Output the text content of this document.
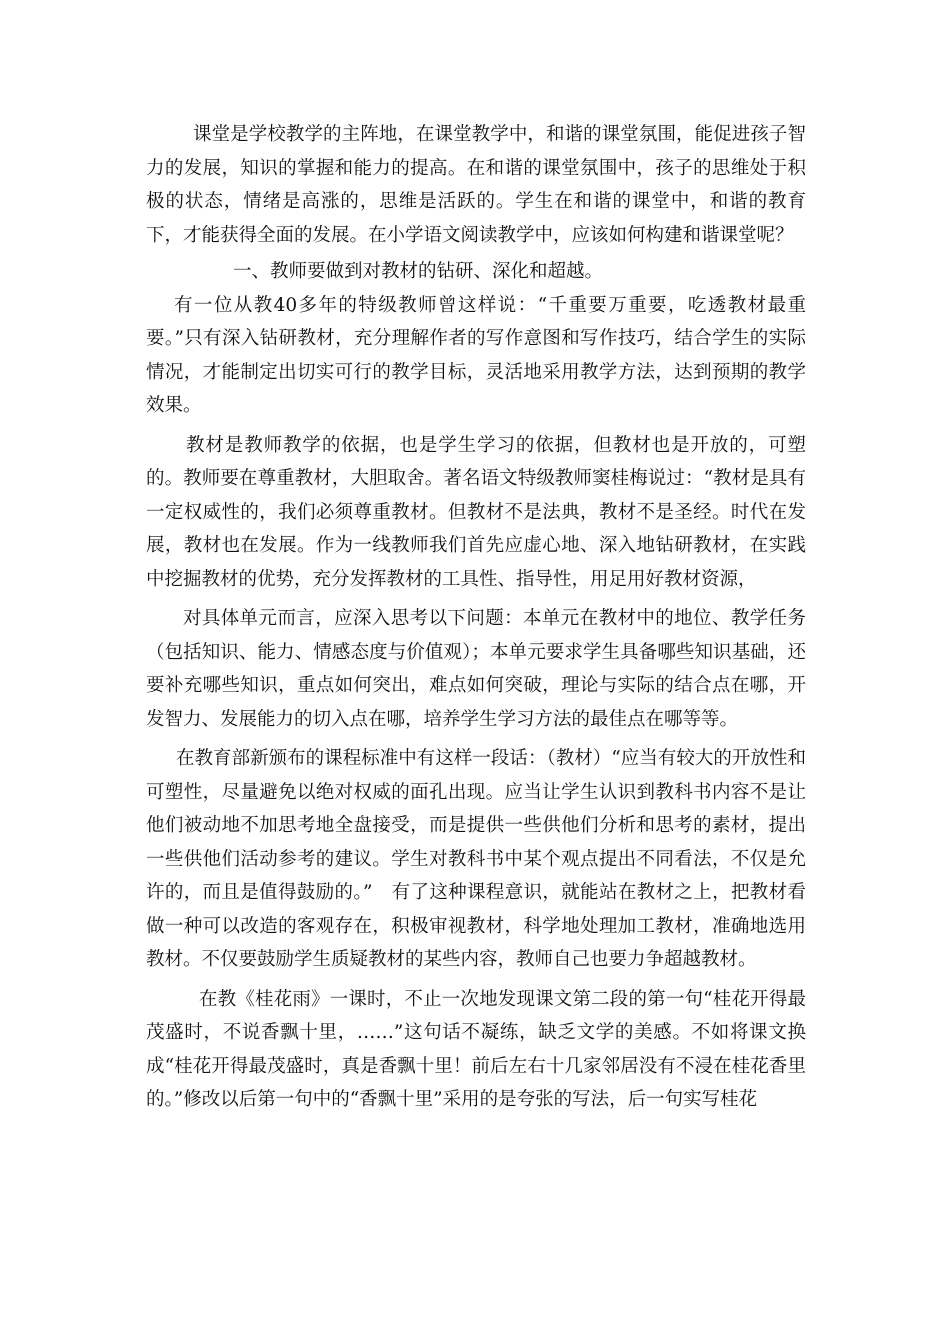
课堂是学校教学的主阵地，在课堂教学中，和谐的课堂氛围，能促进孩子智力的发展，知识的掌握和能力的提高。在和谐的课堂氛围中，孩子的思维处于积极的状态，情绪是高涨的，思维是活跃的。学生在和谐的课堂中，和谐的教育下，才能获得全面的发展。在小学语文阅读教学中，应该如何构建和谐课堂呢？

一、教师要做到对教材的钻研、深化和超越。

有一位从教40多年的特级教师曾这样说：“千重要万重要，吃透教材最重要。”只有深入钻研教材，充分理解作者的写作意图和写作技巧，结合学生的实际情况，才能制定出切实可行的教学目标，灵活地采用教学方法，达到预期的教学效果。

教材是教师教学的依据，也是学生学习的依据，但教材也是开放的，可塑的。教师要在尊重教材，大胆取舍。著名语文特级教师窦桂梅说过：“教材是具有一定权威性的，我们必须尊重教材。但教材不是法典，教材不是圣经。时代在发展，教材也在发展。作为一线教师我们首先应虚心地、深入地钻研教材，在实践中挖掘教材的优势，充分发挥教材的工具性、指导性，用足用好教材资源，

对具体单元而言，应深入思考以下问题：本单元在教材中的地位、教学任务（包括知识、能力、情感态度与价值观）；本单元要求学生具备哪些知识基础，还要补充哪些知识，重点如何突出，难点如何突破，理论与实际的结合点在哪，开发智力、发展能力的切入点在哪，培养学生学习方法的最佳点在哪等等。

在教育部新颁布的课程标准中有这样一段话：（教材）“应当有较大的开放性和可塑性，尽量避免以绝对权威的面孔出现。应当让学生认识到教科书内容不是让他们被动地不加思考地全盘接受，而是提供一些供他们分析和思考的素材，提出一些供他们活动参考的建议。学生对教科书中某个观点提出不同看法，不仅是允许的，而且是值得鼓励的。”　有了这种课程意识，就能站在教材之上，把教材看做一种可以改造的客观存在，积极审视教材，科学地处理加工教材，准确地选用教材。不仅要鼓励学生质疑教材的某些内容，教师自己也要力争超越教材。

在教《桂花雨》一课时，不止一次地发现课文第二段的第一句“桂花开得最茂盛时，不说香飘十里，……”这句话不凝练，缺乏文学的美感。不如将课文换成“桂花开得最茂盛时，真是香飘十里！前后左右十几家邻居没有不浸在桂花香里的。”修改以后第一句中的“香飘十里”采用的是夸张的写法，后一句实写桂花
